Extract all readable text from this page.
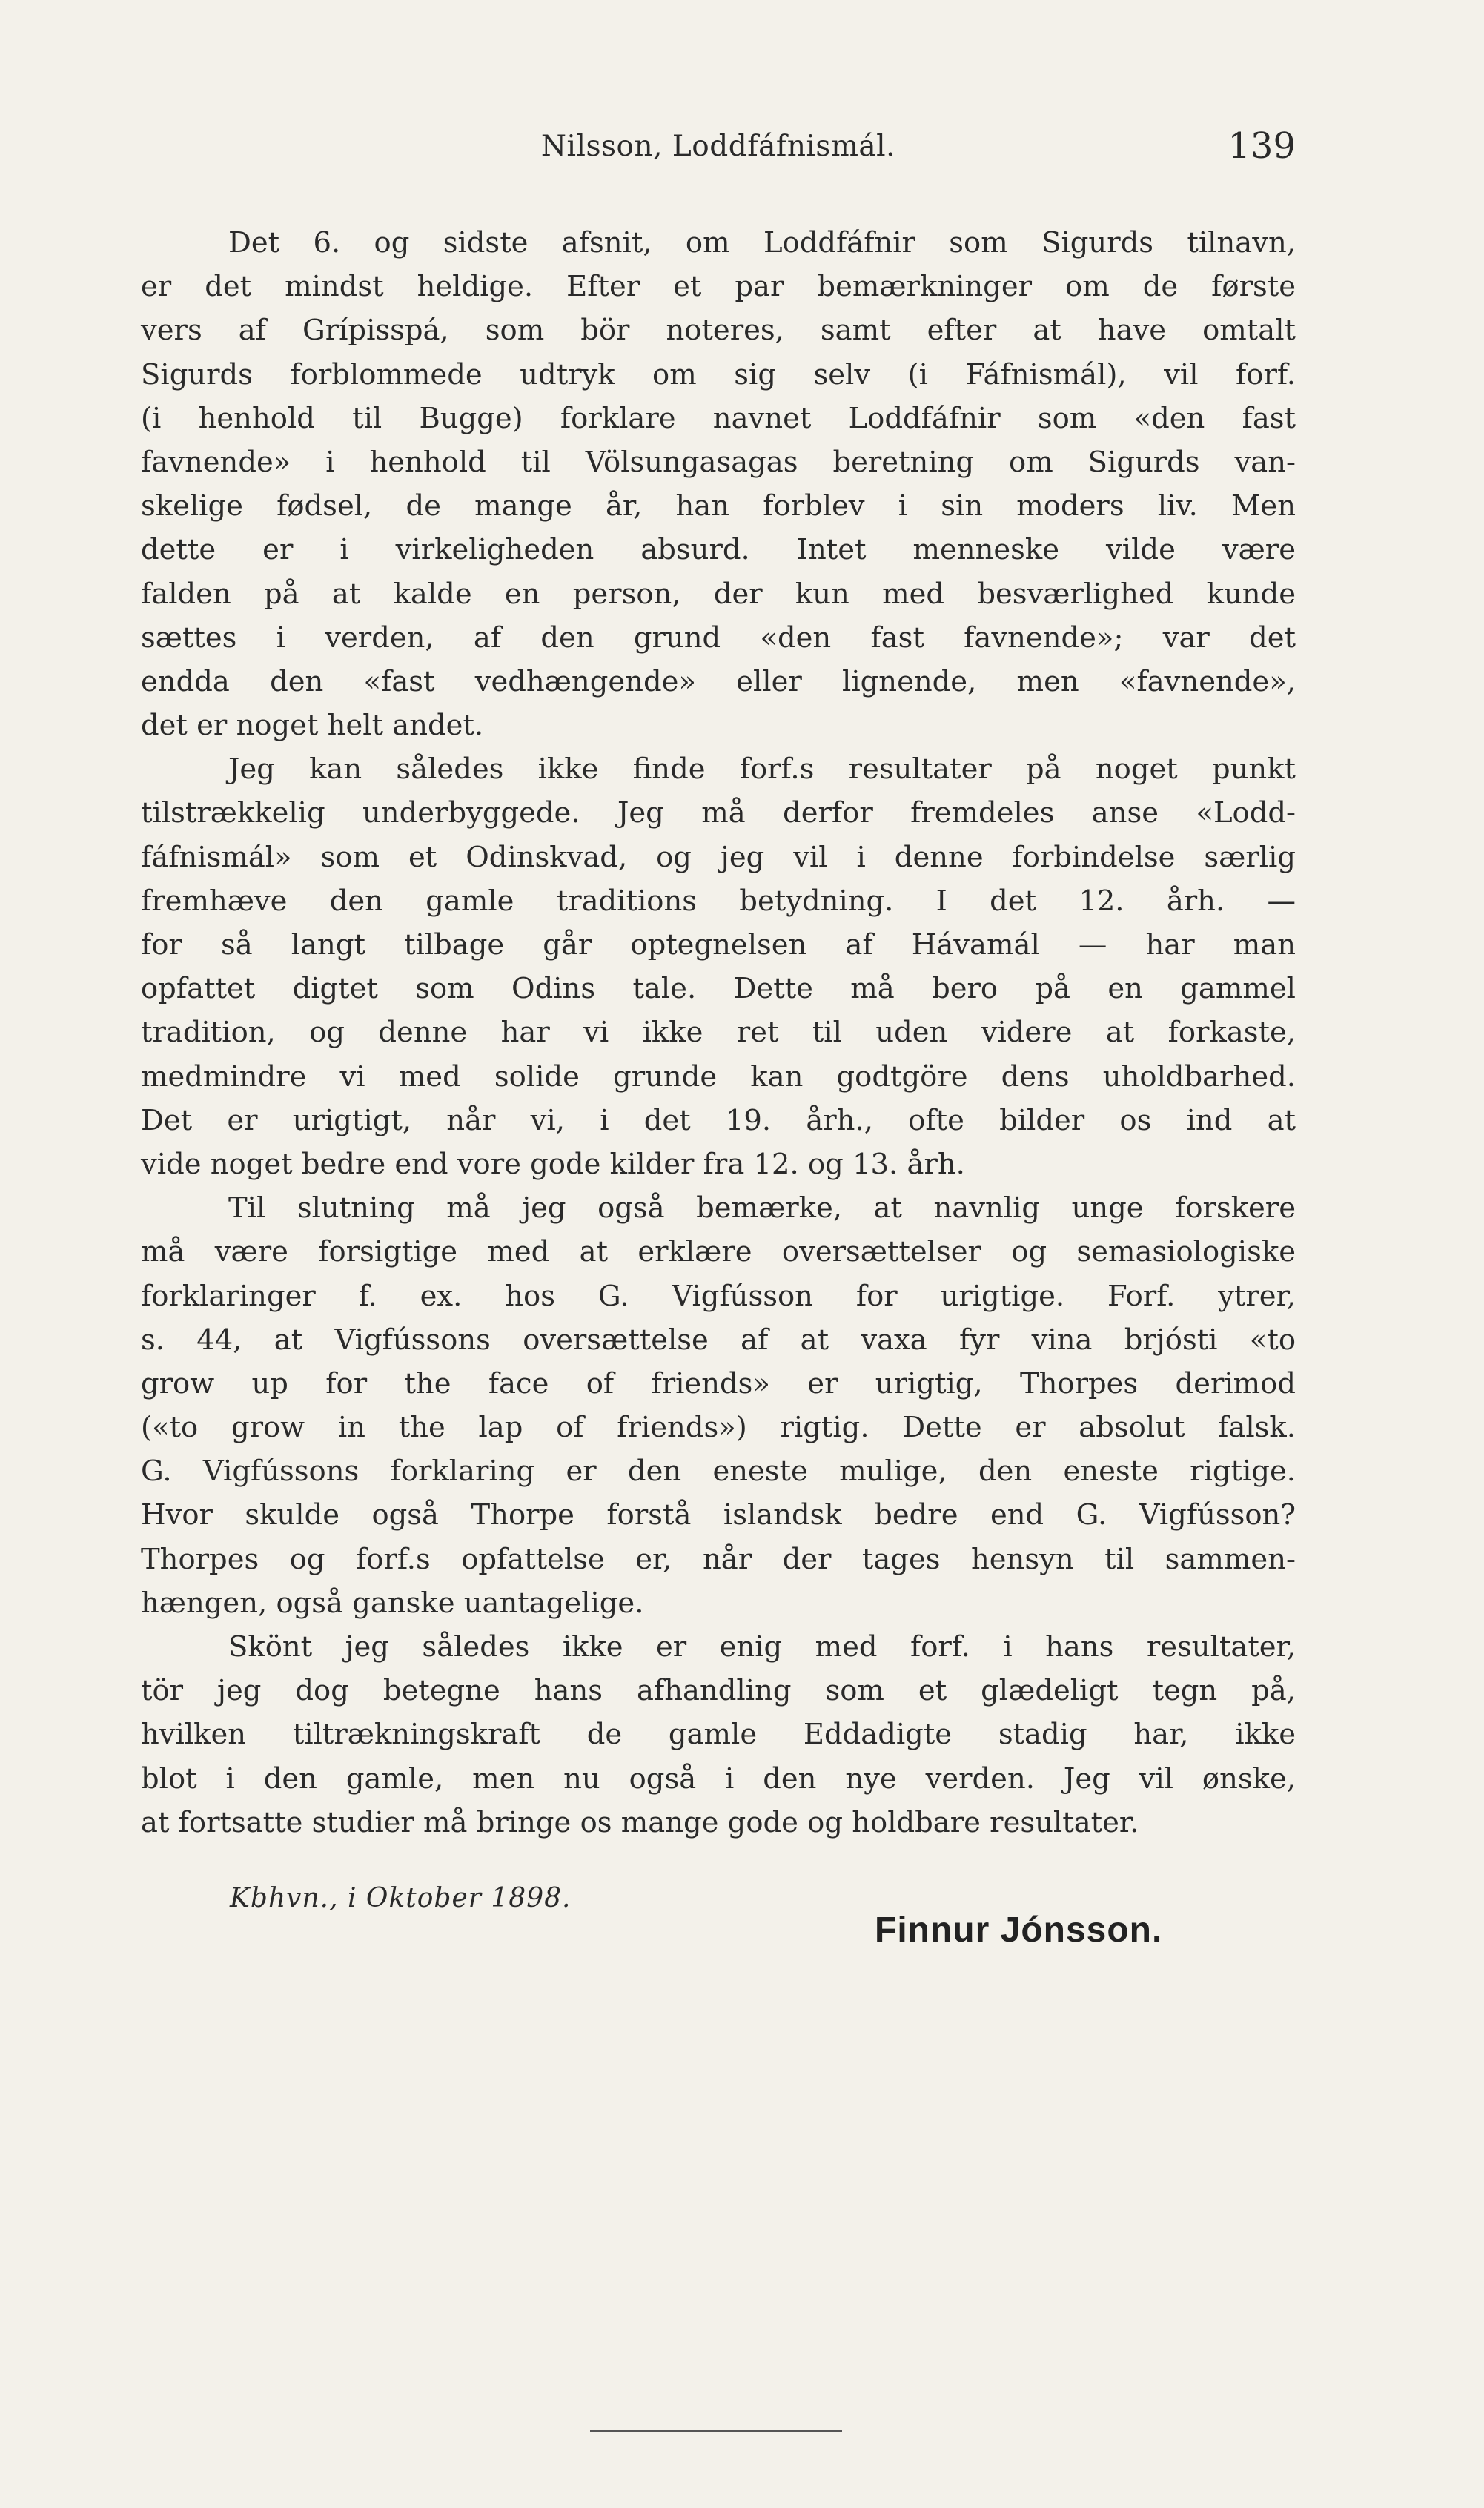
Nilsson, Loddfáfnismál.	139
Det 6. og sidste afsnit, om Loddfáfnir som Sigurds tilnavn,
er det mindst heldige. Efter et par bemærkninger om de første
vers af Grípisspá, som bör noteres, samt efter at have omtalt
Sigurds forblommede udtryk om sig selv (i Fáfnismál), vil forf.
(i henhold til Bugge) forklare navnet Loddfáfnir som «den fast
favnende» i henhold til Völsungasagas beretning om Sigurds van-
skelige fødsel, de mange år, han forblev i sin moders liv. Men
dette er i virkeligheden absurd. Intet menneske vilde være
falden på at kalde en person, der kun med besværlighed kunde
sættes i verden, af den grund «den fast favnende»; var det
endda den «fast vedhængende» eller lignende, men «favnende»,
det er noget helt andet.
Jeg kan således ikke finde forf.s resultater på noget punkt
tilstrækkelig underbyggede. Jeg må derfor fremdeles anse «Lodd-
fáfnismál» som et Odinskvad, og jeg vil i denne forbindelse særlig
fremhæve den gamle traditions betydning. I det 12. årh. —
for så langt tilbage går optegnelsen af Hávamál — har man
opfattet digtet som Odins tale. Dette må bero på en gammel
tradition, og denne har vi ikke ret til uden videre at forkaste,
medmindre vi med solide grunde kan godtgöre dens uholdbarhed.
Det er urigtigt, når vi, i det 19. årh., ofte bilder os ind at
vide noget bedre end vore gode kilder fra 12. og 13. årh.
Til slutning må jeg også bemærke, at navnlig unge forskere
må være forsigtige med at erklære oversættelser og semasiologiske
forklaringer f. ex. hos G. Vigfússon for urigtige. Forf. ytrer,
s. 44, at Vigfússons oversættelse af at vaxa fyr vina brjósti «to
grow up for the face of friends» er urigtig, Thorpes derimod
(«to grow in the lap of friends») rigtig. Dette er absolut falsk.
G. Vigfússons forklaring er den eneste mulige, den eneste rigtige.
Hvor skulde også Thorpe forstå islandsk bedre end G. Vigfússon?
Thorpes og forf.s opfattelse er, når der tages hensyn til sammen-
hængen, også ganske uantagelige.
Skönt jeg således ikke er enig med forf. i hans resultater,
tör jeg dog betegne hans afhandling som et glædeligt tegn på,
hvilken tiltrækningskraft de gamle Eddadigte stadig har, ikke
blot i den gamle, men nu også i den nye verden. Jeg vil ønske,
at fortsatte studier må bringe os mange gode og holdbare resultater.
Kbhvn., i Oktober 1898.
Finnur Jónsson.
